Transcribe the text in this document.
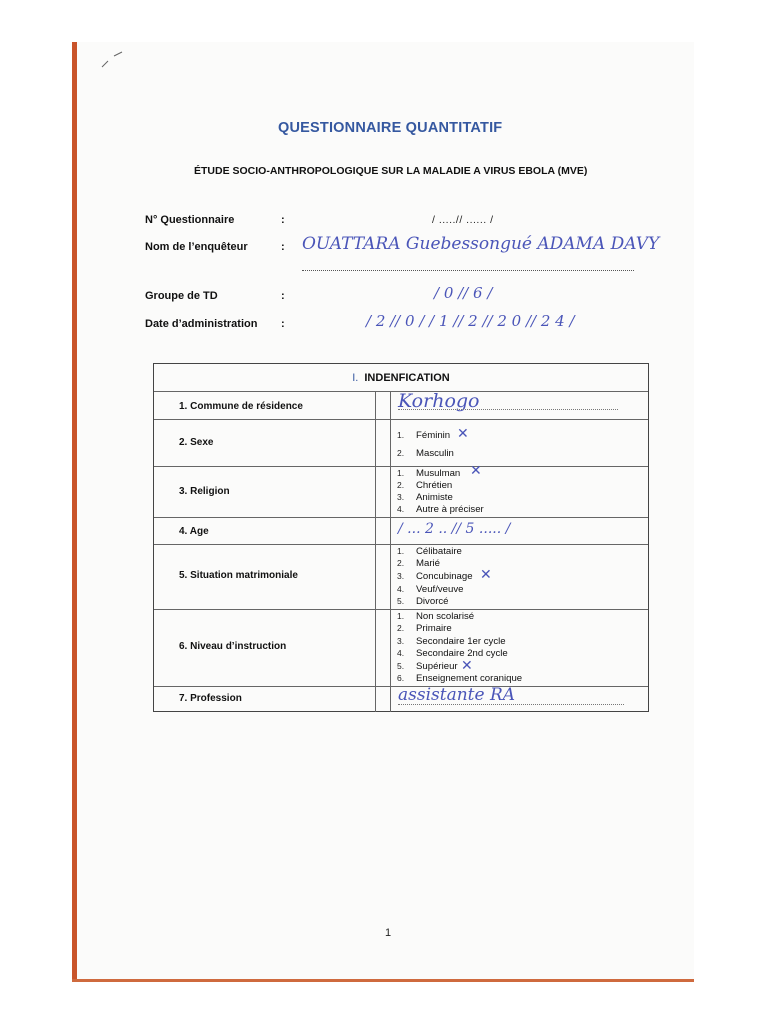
QUESTIONNAIRE QUANTITATIF
ÉTUDE SOCIO-ANTHROPOLOGIQUE SUR LA MALADIE A VIRUS EBOLA (MVE)
N° Questionnaire	:	/ .....// ...... /
Nom de l’enquêteur	: OUATTARA Guebessongué ADAMA DAVY
Groupe de TD	:	/ 0 // 6 /
Date d’administration :	/ 2 // 0 / / 1 // 2 // 2 0 // 2 4 /
I. INDENFICATION
1. Commune de résidence	Korhogo
2. Sexe
1. Féminin ✕
2. Masculin
3. Religion
1. Musulman ✕
2. Chrétien
3. Animiste
4. Autre à préciser
4. Age	/ ... 2 .. // 5 ..... /
5. Situation matrimoniale
1. Célibataire
2. Marié
3. Concubinage ✕
4. Veuf/veuve
5. Divorcé
6. Niveau d’instruction
1. Non scolarisé
2. Primaire
3. Secondaire 1er cycle
4. Secondaire 2nd cycle
5. Supérieur ✕
6. Enseignement coranique
7. Profession	assistante RA
1
